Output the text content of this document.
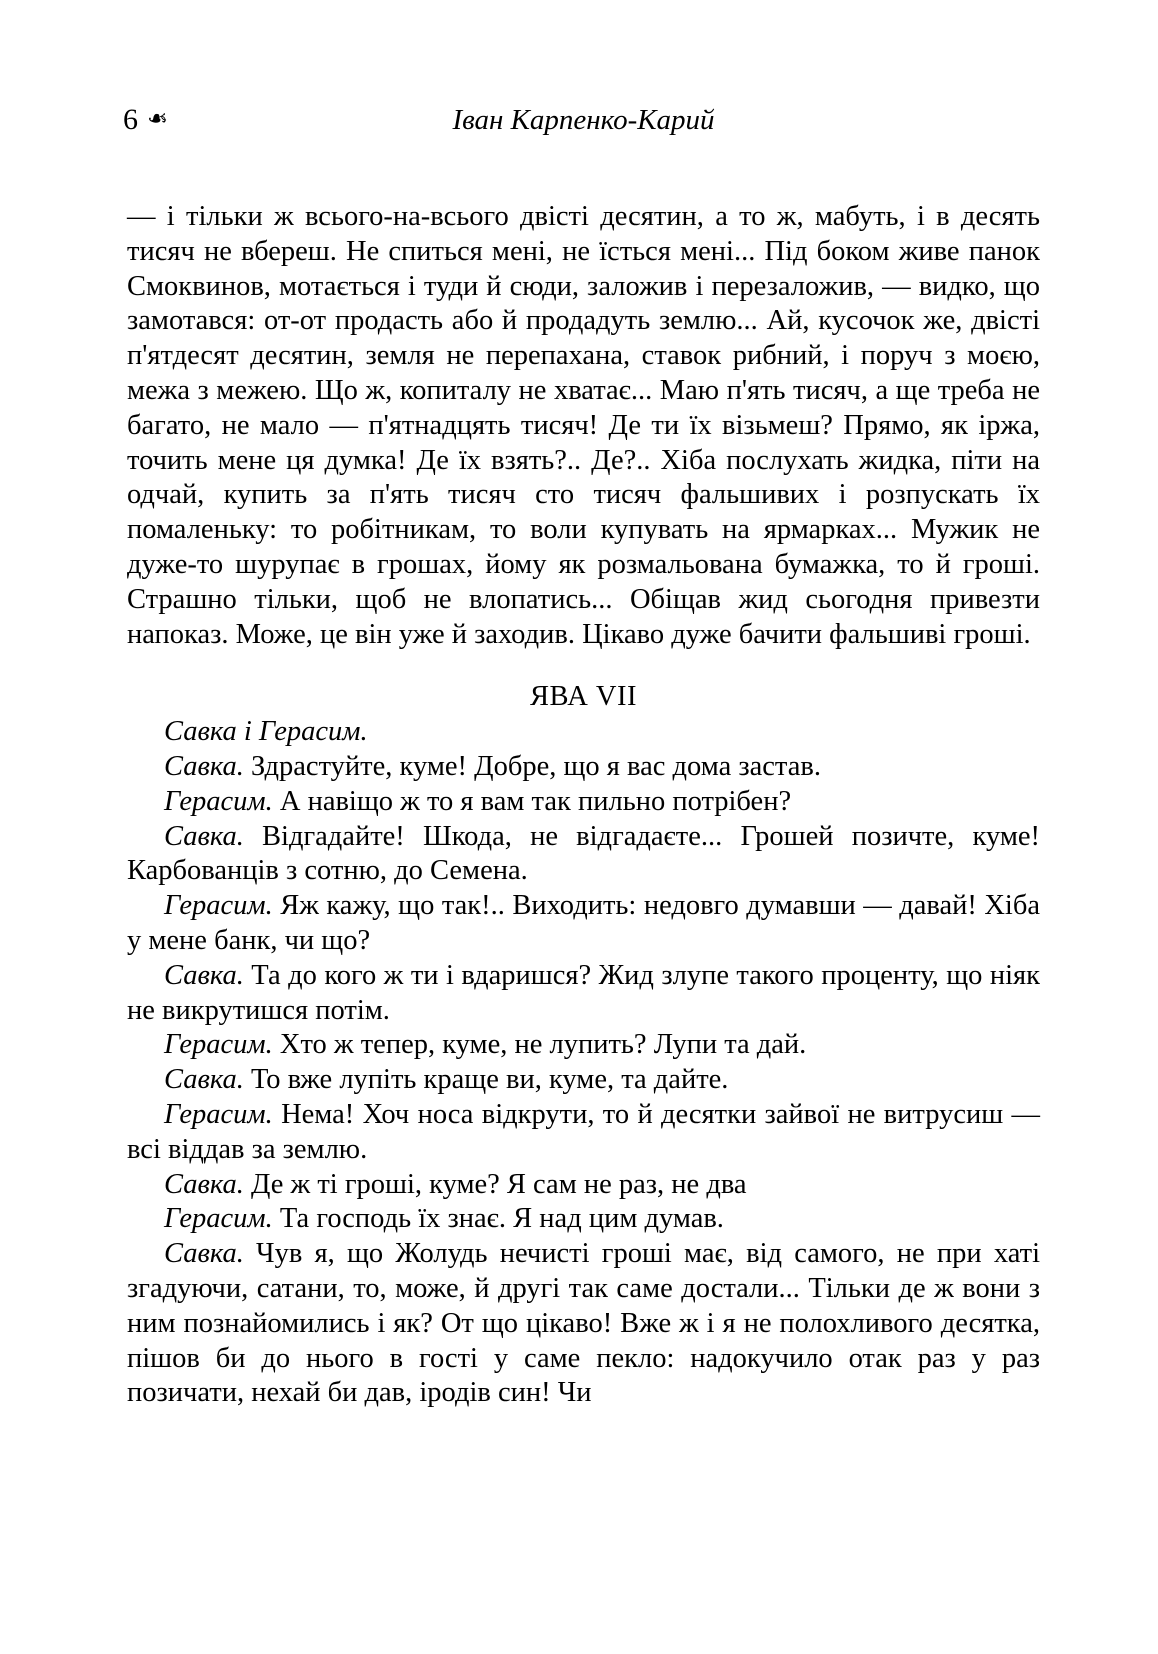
6 ❧	Іван Карпенко-Карий

— і тільки ж всього-на-всього двісті десятин, а то ж, мабуть, і в десять тисяч не вбереш. Не спиться мені, не їсться мені... Під боком живе панок Смоквинов, мотається і туди й сюди, заложив і перезаложив, — видко, що замотався: от-от продасть або й продадуть землю... Ай, кусочок же, двісті п'ятдесят десятин, земля не перепахана, ставок рибний, і поруч з моєю, межа з межею. Що ж, копиталу не хватає... Маю п'ять тисяч, а ще треба не багато, не мало — п'ятнадцять тисяч! Де ти їх візьмеш? Прямо, як іржа, точить мене ця думка! Де їх взять?.. Де?.. Хіба послухать жидка, піти на одчай, купить за п'ять тисяч сто тисяч фальшивих і розпускать їх помаленьку: то робітникам, то воли купувать на ярмарках... Мужик не дуже-то шурупає в грошах, йому як розмальована бумажка, то й гроші. Страшно тільки, щоб не влопатись... Обіщав жид сьогодня привезти напоказ. Може, це він уже й заходив. Цікаво дуже бачити фальшиві гроші.

ЯВА VII

Савка і Герасим.

Савка. Здрастуйте, куме! Добре, що я вас дома застав.

Герасим. А навіщо ж то я вам так пильно потрібен?

Савка. Відгадайте! Шкода, не відгадаєте... Грошей позичте, куме! Карбованців з сотню, до Семена.

Герасим. Яж кажу, що так!.. Виходить: недовго думавши — давай! Хіба у мене банк, чи що?

Савка. Та до кого ж ти і вдаришся? Жид злупе такого проценту, що ніяк не викрутишся потім.

Герасим. Хто ж тепер, куме, не лупить? Лупи та дай.

Савка. То вже лупіть краще ви, куме, та дайте.

Герасим. Нема! Хоч носа відкрути, то й десятки зайвої не витрусиш — всі віддав за землю.

Савка. Де ж ті гроші, куме? Я сам не раз, не два

Герасим. Та господь їх знає. Я над цим думав.

Савка. Чув я, що Жолудь нечисті гроші має, від самого, не при хаті згадуючи, сатани, то, може, й другі так саме достали... Тільки де ж вони з ним познайомились і як? От що цікаво! Вже ж і я не полохливого десятка, пішов би до нього в гості у саме пекло: надокучило отак раз у раз позичати, нехай би дав, іродів син! Чи
